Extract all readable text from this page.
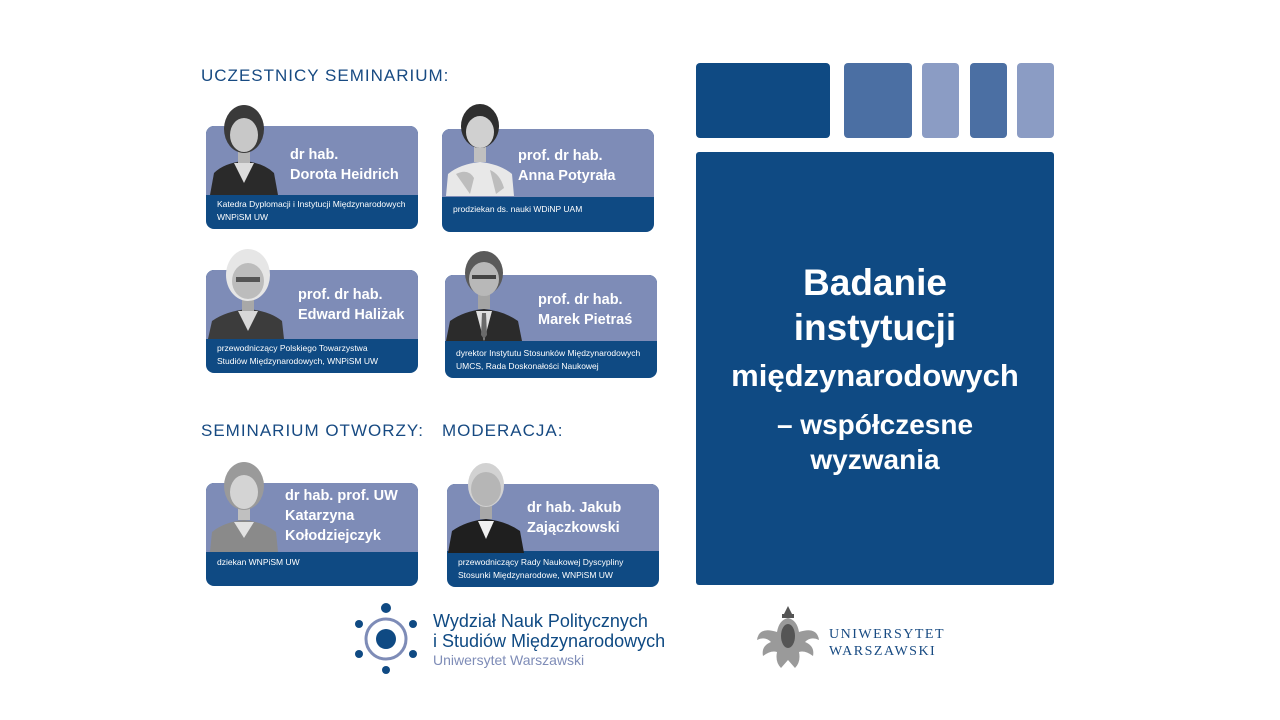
UCZESTNICY SEMINARIUM:
SEMINARIUM OTWORZY: MODERACJA:
dr hab.
Dorota Heidrich
Katedra Dyplomacji i Instytucji Międzynarodowych
WNPiSM UW
prof. dr hab.
Anna Potyrała
prodziekan ds. nauki WDiNP UAM
prof. dr hab.
Edward Haliżak
przewodniczący Polskiego Towarzystwa
Studiów Międzynarodowych, WNPiSM UW
prof. dr hab.
Marek Pietraś
dyrektor Instytutu Stosunków Międzynarodowych
UMCS, Rada Doskonałości Naukowej
dr hab. prof. UW
Katarzyna
Kołodziejczyk
dziekan WNPiSM UW
dr hab. Jakub
Zajączkowski
przewodniczący Rady Naukowej Dyscypliny
Stosunki Międzynarodowe, WNPiSM UW
Badanie
instytucji
międzynarodowych
– współczesne
wyzwania
Wydział Nauk Politycznych
i Studiów Międzynarodowych
Uniwersytet Warszawski
UNIWERSYTET
WARSZAWSKI
